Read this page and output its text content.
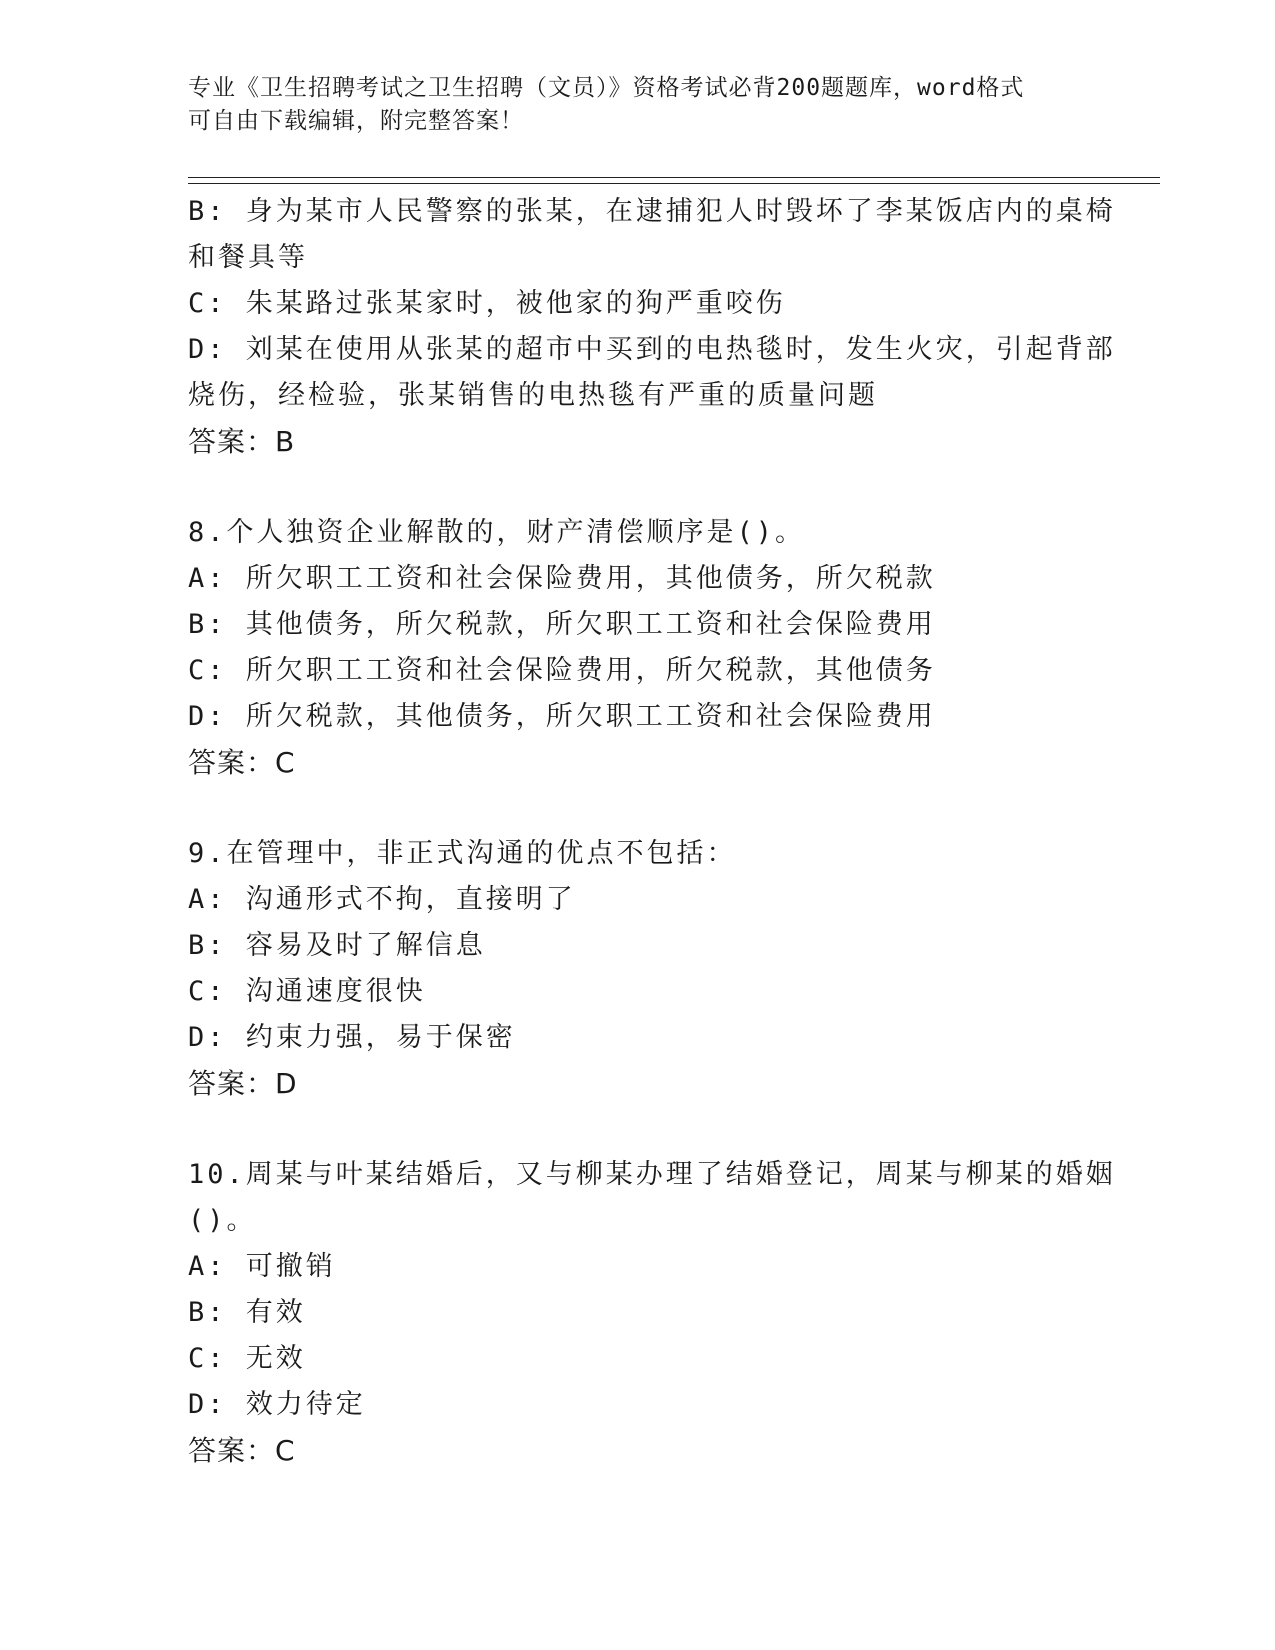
专业《卫生招聘考试之卫生招聘（文员）》资格考试必背200题题库，word格式
可自由下载编辑，附完整答案！
B: 身为某市人民警察的张某，在逮捕犯人时毁坏了李某饭店内的桌椅
和餐具等
C: 朱某路过张某家时，被他家的狗严重咬伤
D: 刘某在使用从张某的超市中买到的电热毯时，发生火灾，引起背部
烧伤，经检验，张某销售的电热毯有严重的质量问题
答案：B
8.个人独资企业解散的，财产清偿顺序是()。
A: 所欠职工工资和社会保险费用，其他债务，所欠税款
B: 其他债务，所欠税款，所欠职工工资和社会保险费用
C: 所欠职工工资和社会保险费用，所欠税款，其他债务
D: 所欠税款，其他债务，所欠职工工资和社会保险费用
答案：C
9.在管理中，非正式沟通的优点不包括：
A: 沟通形式不拘，直接明了
B: 容易及时了解信息
C: 沟通速度很快
D: 约束力强，易于保密
答案：D
10.周某与叶某结婚后，又与柳某办理了结婚登记，周某与柳某的婚姻
()。
A: 可撤销
B: 有效
C: 无效
D: 效力待定
答案：C
